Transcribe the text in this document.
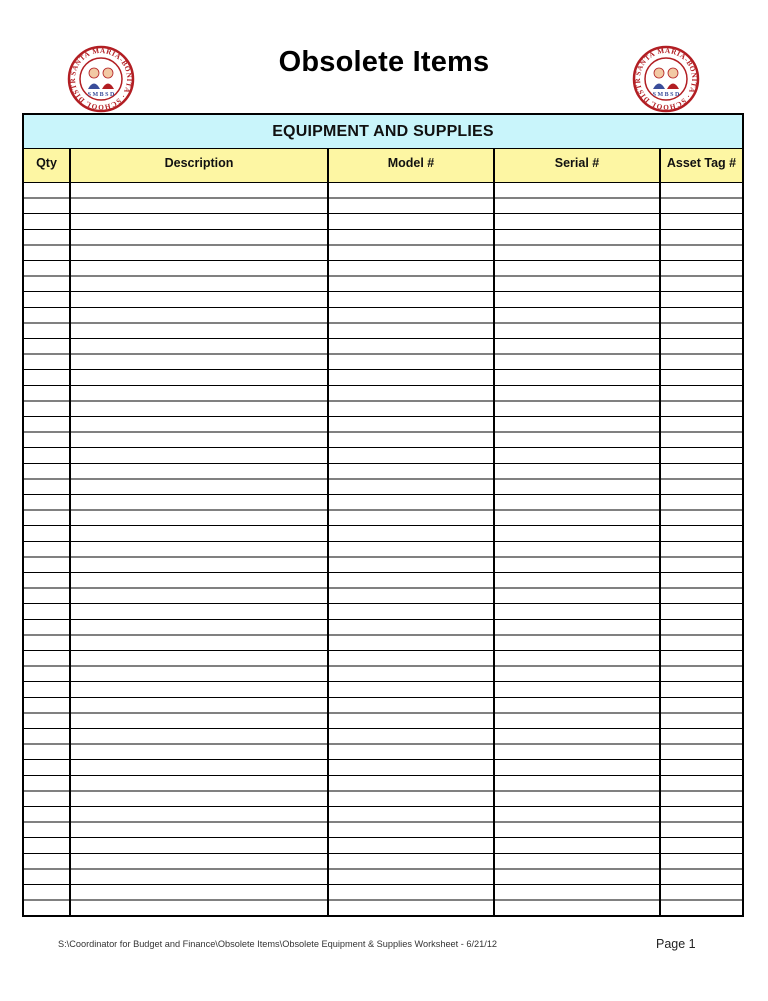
Obsolete Items
SANTA MARIA-BONITA · SCHOOL DISTR
S M B S D
SANTA MARIA-BONITA · SCHOOL DISTR
S M B S D
EQUIPMENT AND SUPPLIES
Qty	Description	Model #	Serial #	Asset Tag #
S:\Coordinator for Budget and Finance\Obsolete Items\Obsolete Equipment & Supplies Worksheet - 6/21/12	Page 1
